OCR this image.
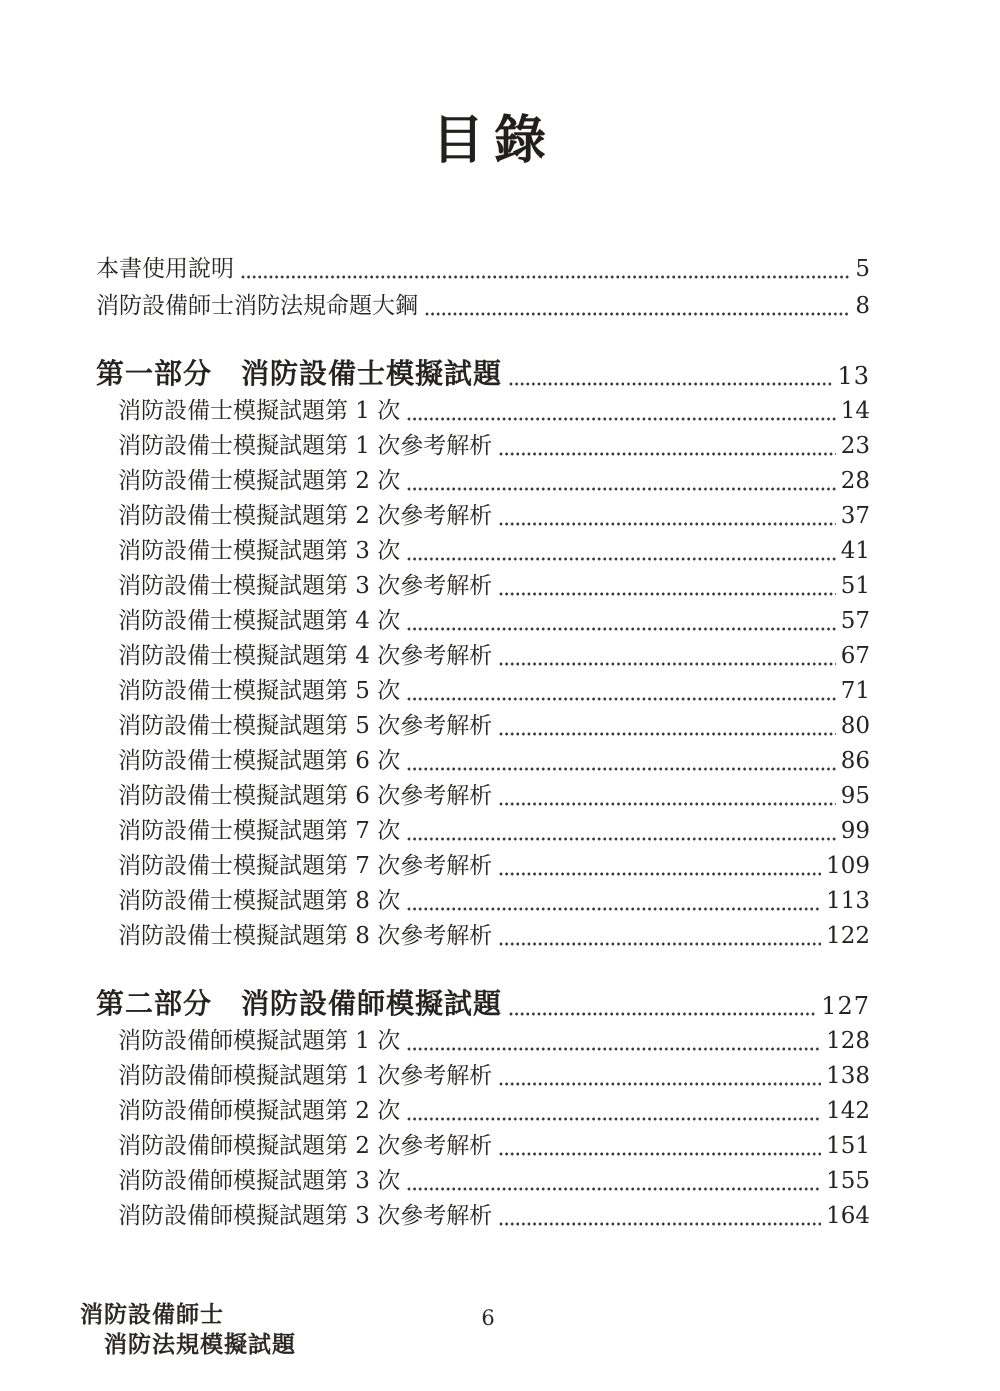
目錄
本書使用說明	5
消防設備師士消防法規命題大鋼	8
第一部分　消防設備士模擬試題	13
消防設備士模擬試題第 1 次	14
消防設備士模擬試題第 1 次參考解析	23
消防設備士模擬試題第 2 次	28
消防設備士模擬試題第 2 次參考解析	37
消防設備士模擬試題第 3 次	41
消防設備士模擬試題第 3 次參考解析	51
消防設備士模擬試題第 4 次	57
消防設備士模擬試題第 4 次參考解析	67
消防設備士模擬試題第 5 次	71
消防設備士模擬試題第 5 次參考解析	80
消防設備士模擬試題第 6 次	86
消防設備士模擬試題第 6 次參考解析	95
消防設備士模擬試題第 7 次	99
消防設備士模擬試題第 7 次參考解析	109
消防設備士模擬試題第 8 次	113
消防設備士模擬試題第 8 次參考解析	122
第二部分　消防設備師模擬試題	127
消防設備師模擬試題第 1 次	128
消防設備師模擬試題第 1 次參考解析	138
消防設備師模擬試題第 2 次	142
消防設備師模擬試題第 2 次參考解析	151
消防設備師模擬試題第 3 次	155
消防設備師模擬試題第 3 次參考解析	164
消防設備師士
消防法規模擬試題
6
